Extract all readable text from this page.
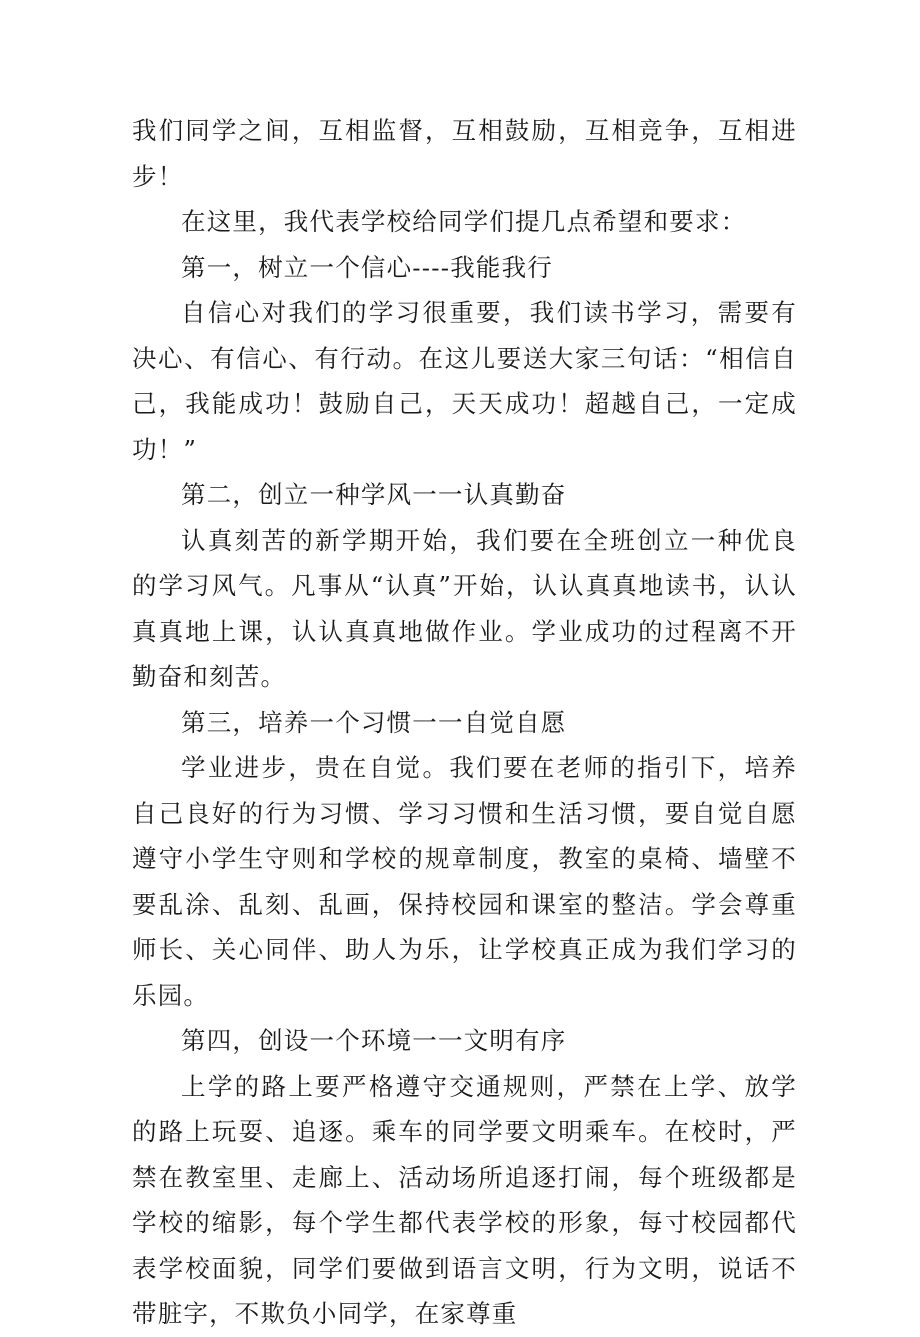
我们同学之间，互相监督，互相鼓励，互相竞争，互相进步！

在这里，我代表学校给同学们提几点希望和要求：

第一，树立一个信心----我能我行

自信心对我们的学习很重要，我们读书学习，需要有决心、有信心、有行动。在这儿要送大家三句话：“相信自己，我能成功！鼓励自己，天天成功！超越自己，一定成功！”

第二，创立一种学风一一认真勤奋

认真刻苦的新学期开始，我们要在全班创立一种优良的学习风气。凡事从“认真”开始，认认真真地读书，认认真真地上课，认认真真地做作业。学业成功的过程离不开勤奋和刻苦。

第三，培养一个习惯一一自觉自愿

学业进步，贵在自觉。我们要在老师的指引下，培养自己良好的行为习惯、学习习惯和生活习惯，要自觉自愿遵守小学生守则和学校的规章制度，教室的桌椅、墙壁不要乱涂、乱刻、乱画，保持校园和课室的整洁。学会尊重师长、关心同伴、助人为乐，让学校真正成为我们学习的乐园。

第四，创设一个环境一一文明有序

上学的路上要严格遵守交通规则，严禁在上学、放学的路上玩耍、追逐。乘车的同学要文明乘车。在校时，严禁在教室里、走廊上、活动场所追逐打闹，每个班级都是学校的缩影，每个学生都代表学校的形象，每寸校园都代表学校面貌，同学们要做到语言文明，行为文明，说话不带脏字，不欺负小同学，在家尊重
